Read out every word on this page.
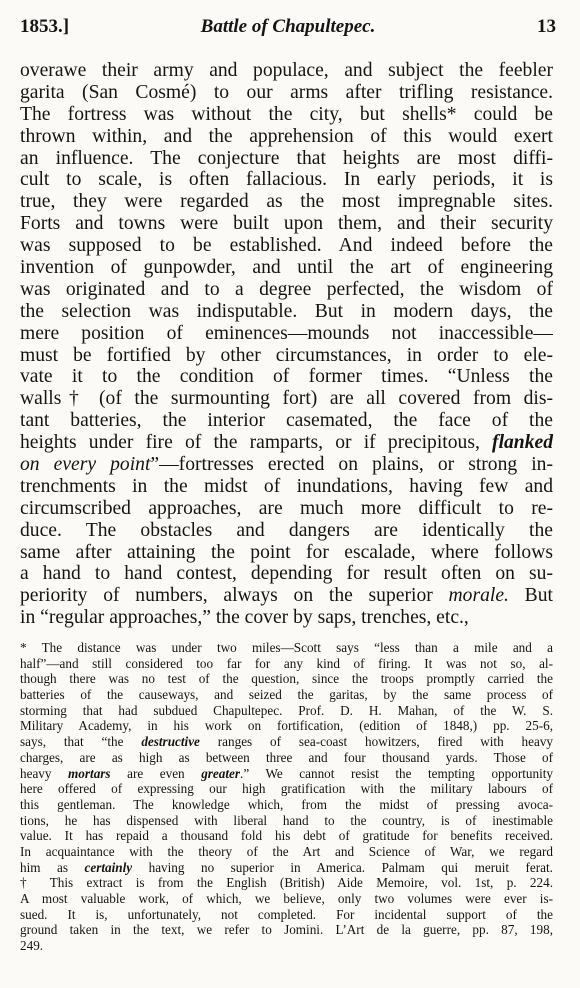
1853.]	Battle of Chapultepec.	13
overawe their army and populace, and subject the feebler
garita (San Cosmé) to our arms after trifling resistance.
The fortress was without the city, but shells* could be
thrown within, and the apprehension of this would exert
an influence. The conjecture that heights are most diffi-
cult to scale, is often fallacious. In early periods, it is
true, they were regarded as the most impregnable sites.
Forts and towns were built upon them, and their security
was supposed to be established. And indeed before the
invention of gunpowder, and until the art of engineering
was originated and to a degree perfected, the wisdom of
the selection was indisputable. But in modern days, the
mere position of eminences—mounds not inaccessible—
must be fortified by other circumstances, in order to ele-
vate it to the condition of former times. “Unless the
walls† (of the surmounting fort) are all covered from dis-
tant batteries, the interior casemated, the face of the
heights under fire of the ramparts, or if precipitous, flanked
on every point”—fortresses erected on plains, or strong in-
trenchments in the midst of inundations, having few and
circumscribed approaches, are much more difficult to re-
duce. The obstacles and dangers are identically the
same after attaining the point for escalade, where follows
a hand to hand contest, depending for result often on su-
periority of numbers, always on the superior morale. But
in “regular approaches,” the cover by saps, trenches, etc.,
* The distance was under two miles—Scott says “less than a mile and a
half”—and still considered too far for any kind of firing. It was not so, al-
though there was no test of the question, since the troops promptly carried the
batteries of the causeways, and seized the garitas, by the same process of
storming that had subdued Chapultepec. Prof. D. H. Mahan, of the W. S.
Military Academy, in his work on fortification, (edition of 1848,) pp. 25-6,
says, that “the destructive ranges of sea-coast howitzers, fired with heavy
charges, are as high as between three and four thousand yards. Those of
heavy mortars are even greater.” We cannot resist the tempting opportunity
here offered of expressing our high gratification with the military labours of
this gentleman. The knowledge which, from the midst of pressing avoca-
tions, he has dispensed with liberal hand to the country, is of inestimable
value. It has repaid a thousand fold his debt of gratitude for benefits received.
In acquaintance with the theory of the Art and Science of War, we regard
him as certainly having no superior in America. Palmam qui meruit ferat.
† This extract is from the English (British) Aide Memoire, vol. 1st, p. 224.
A most valuable work, of which, we believe, only two volumes were ever is-
sued. It is, unfortunately, not completed. For incidental support of the
ground taken in the text, we refer to Jomini. L’Art de la guerre, pp. 87, 198,
249.
